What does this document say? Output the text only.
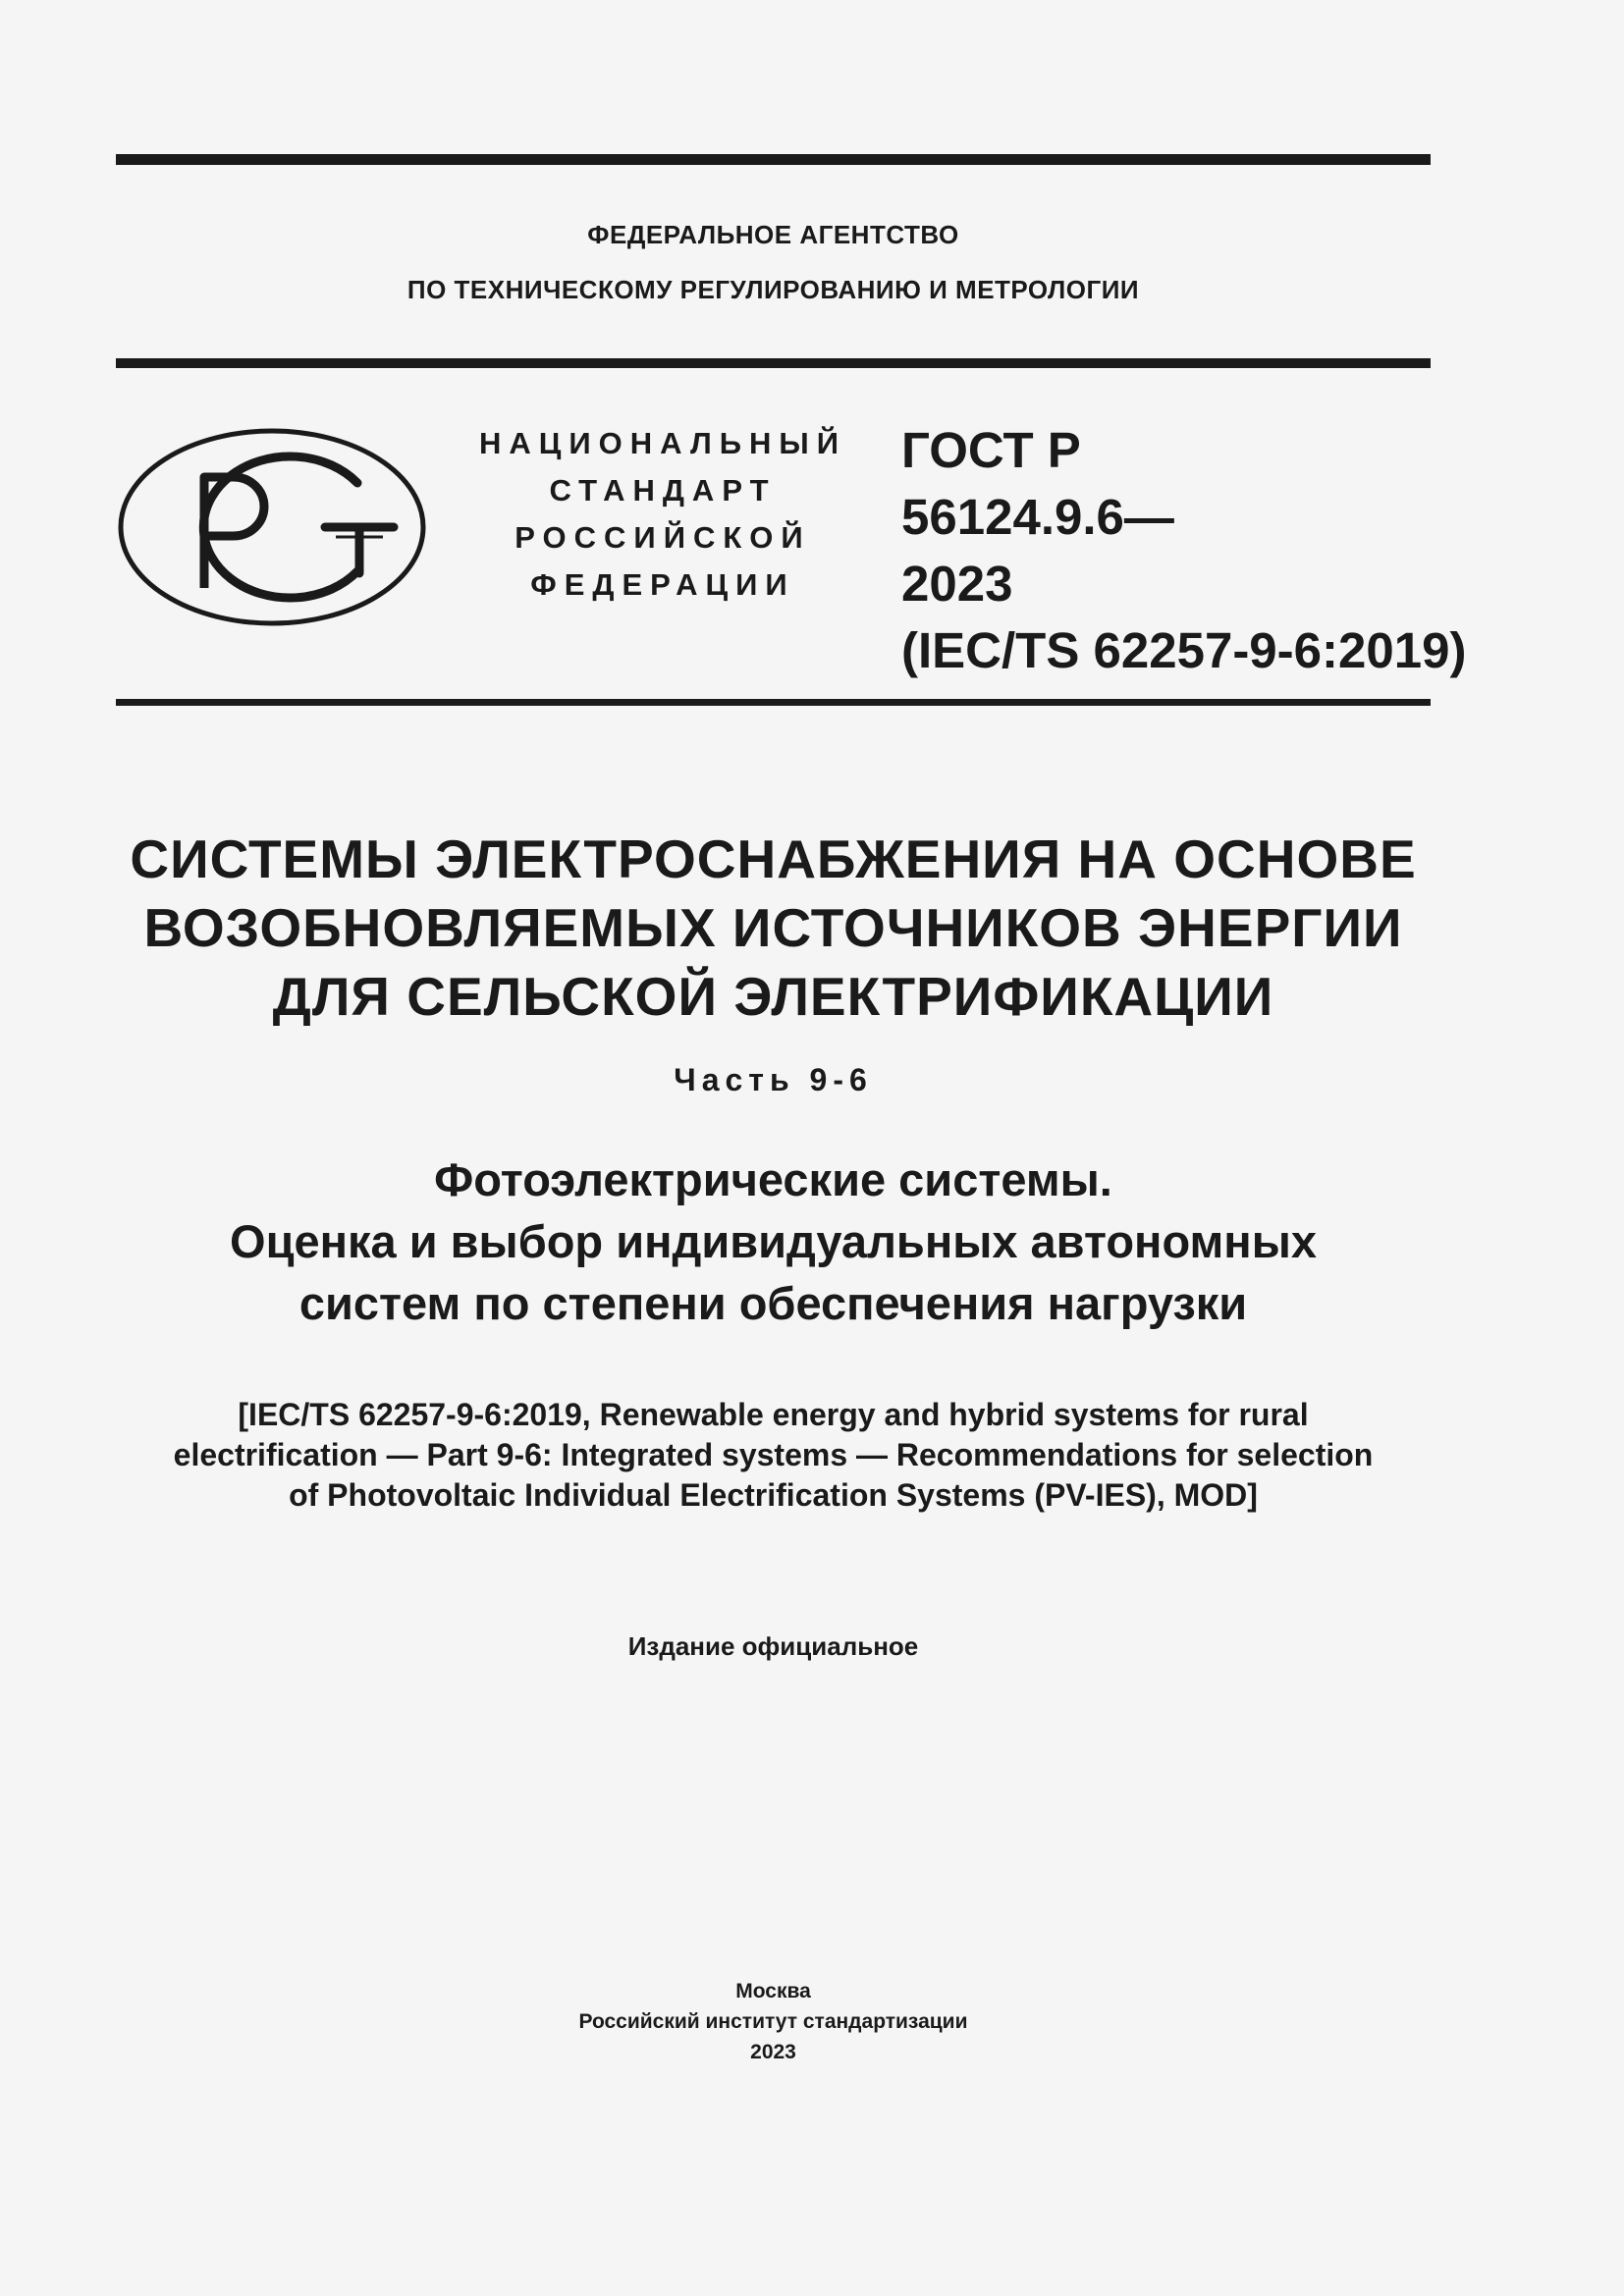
ФЕДЕРАЛЬНОЕ АГЕНТСТВО
ПО ТЕХНИЧЕСКОМУ РЕГУЛИРОВАНИЮ И МЕТРОЛОГИИ
НАЦИОНАЛЬНЫЙ
СТАНДАРТ
РОССИЙСКОЙ
ФЕДЕРАЦИИ
ГОСТ Р
56124.9.6—
2023
(IEC/TS 62257-9-6:2019)
СИСТЕМЫ ЭЛЕКТРОСНАБЖЕНИЯ НА ОСНОВЕ
ВОЗОБНОВЛЯЕМЫХ ИСТОЧНИКОВ ЭНЕРГИИ
ДЛЯ СЕЛЬСКОЙ ЭЛЕКТРИФИКАЦИИ
Часть 9-6
Фотоэлектрические системы.
Оценка и выбор индивидуальных автономных
систем по степени обеспечения нагрузки
[IEC/TS 62257-9-6:2019, Renewable energy and hybrid systems for rural
electrification — Part 9-6: Integrated systems — Recommendations for selection
of Photovoltaic Individual Electrification Systems (PV-IES), MOD]
Издание официальное
Москва
Российский институт стандартизации
2023
